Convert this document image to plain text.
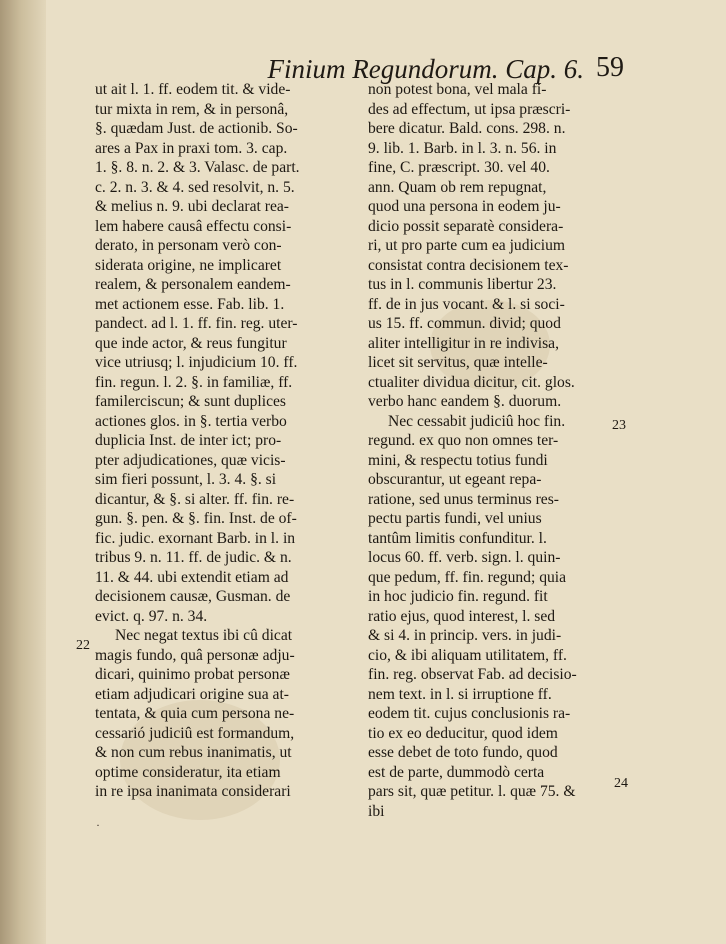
Finium Regundorum. Cap. 6. 59
ut ait l. 1. ff. eodem tit. & vide-
tur mixta in rem, & in personâ,
§. quædam Just. de actionib. So-
ares a Pax in praxi tom. 3. cap.
1. §. 8. n. 2. & 3. Valasc. de part.
c. 2. n. 3. & 4. sed resolvit, n. 5.
& melius n. 9. ubi declarat rea-
lem habere causâ effectu consi-
derato, in personam verò con-
siderata origine, ne implicaret
realem, & personalem eandem-
met actionem esse. Fab. lib. 1.
pandect. ad l. 1. ff. fin. reg. uter-
que inde actor, & reus fungitur
vice utriusq; l. injudicium 10. ff.
fin. regun. l. 2. §. in familiæ, ff.
familerciscun; & sunt duplices
actiones glos. in §. tertia verbo
duplicia Inst. de inter ict; pro-
pter adjudicationes, quæ vicis-
sim fieri possunt, l. 3. 4. §. si
dicantur, & §. si alter. ff. fin. re-
gun. §. pen. & §. fin. Inst. de of-
fic. judic. exornant Barb. in l. in
tribus 9. n. 11. ff. de judic. & n.
11. & 44. ubi extendit etiam ad
decisionem causæ, Gusman. de
evict. q. 97. n. 34.
Nec negat textus ibi cû dicat
magis fundo, quâ personæ adju-
dicari, quinimo probat personæ
etiam adjudicari origine sua at-
tentata, & quia cum persona ne-
cessarió judiciû est formandum,
& non cum rebus inanimatis, ut
optime consideratur, ita etiam
in re ipsa inanimata considerari
non potest bona, vel mala fi-
des ad effectum, ut ipsa præscri-
bere dicatur. Bald. cons. 298. n.
9. lib. 1. Barb. in l. 3. n. 56. in
fine, C. præscript. 30. vel 40.
ann. Quam ob rem repugnat,
quod una persona in eodem ju-
dicio possit separatè considera-
ri, ut pro parte cum ea judicium
consistat contra decisionem tex-
tus in l. communis libertur 23.
ff. de in jus vocant. & l. si soci-
us 15. ff. commun. divid; quod
aliter intelligitur in re indivisa,
licet sit servitus, quæ intelle-
ctualiter dividua dicitur, cit. glos.
verbo hanc eandem §. duorum.
Nec cessabit judiciû hoc fin.
regund. ex quo non omnes ter-
mini, & respectu totius fundi
obscurantur, ut egeant repa-
ratione, sed unus terminus res-
pectu partis fundi, vel unius
tantûm limitis confunditur. l.
locus 60. ff. verb. sign. l. quin-
que pedum, ff. fin. regund; quia
in hoc judicio fin. regund. fit
ratio ejus, quod interest, l. sed
& si 4. in princip. vers. in judi-
cio, & ibi aliquam utilitatem, ff.
fin. reg. observat Fab. ad decisio-
nem text. in l. si irruptione ff.
eodem tit. cujus conclusionis ra-
tio ex eo deducitur, quod idem
esse debet de toto fundo, quod
est de parte, dummodò certa
pars sit, quæ petitur. l. quæ 75. &
ibi
22
23
24
·
